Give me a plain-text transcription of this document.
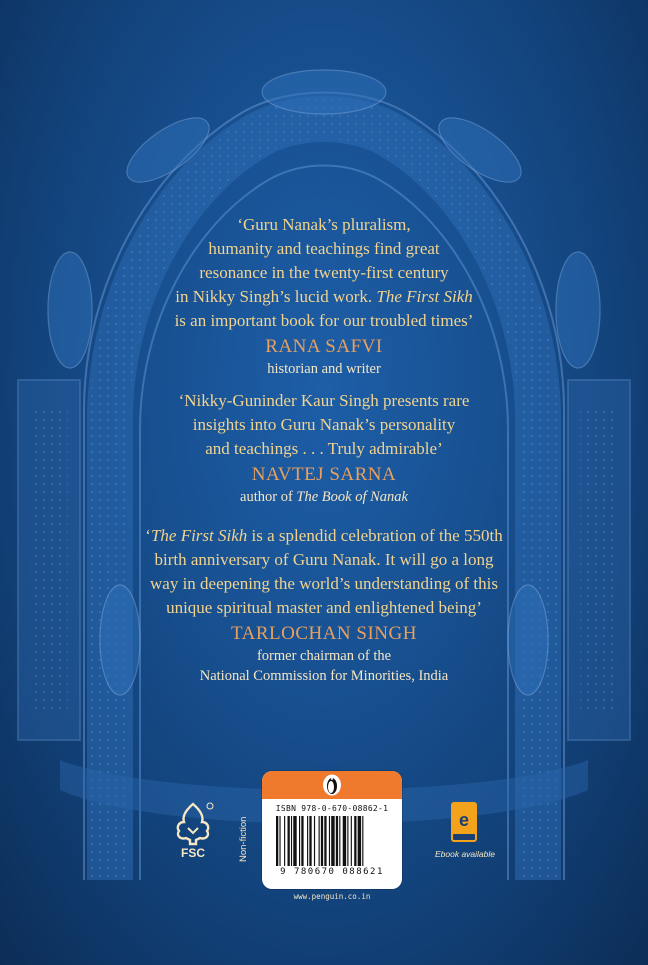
‘Guru Nanak’s pluralism,
humanity and teachings find great
resonance in the twenty-first century
in Nikky Singh’s lucid work. The First Sikh
is an important book for our troubled times’
RANA SAFVI
historian and writer
‘Nikky-Guninder Kaur Singh presents rare
insights into Guru Nanak’s personality
and teachings . . . Truly admirable’
NAVTEJ SARNA
author of The Book of Nanak
‘The First Sikh is a splendid celebration of the 550th
birth anniversary of Guru Nanak. It will go a long
way in deepening the world’s understanding of this
unique spiritual master and enlightened being’
TARLOCHAN SINGH
former chairman of the
National Commission for Minorities, India
FSC	Non-fiction
ISBN 978-0-670-08862-1
9 780670 088621
www.penguin.co.in
e
Ebook available
